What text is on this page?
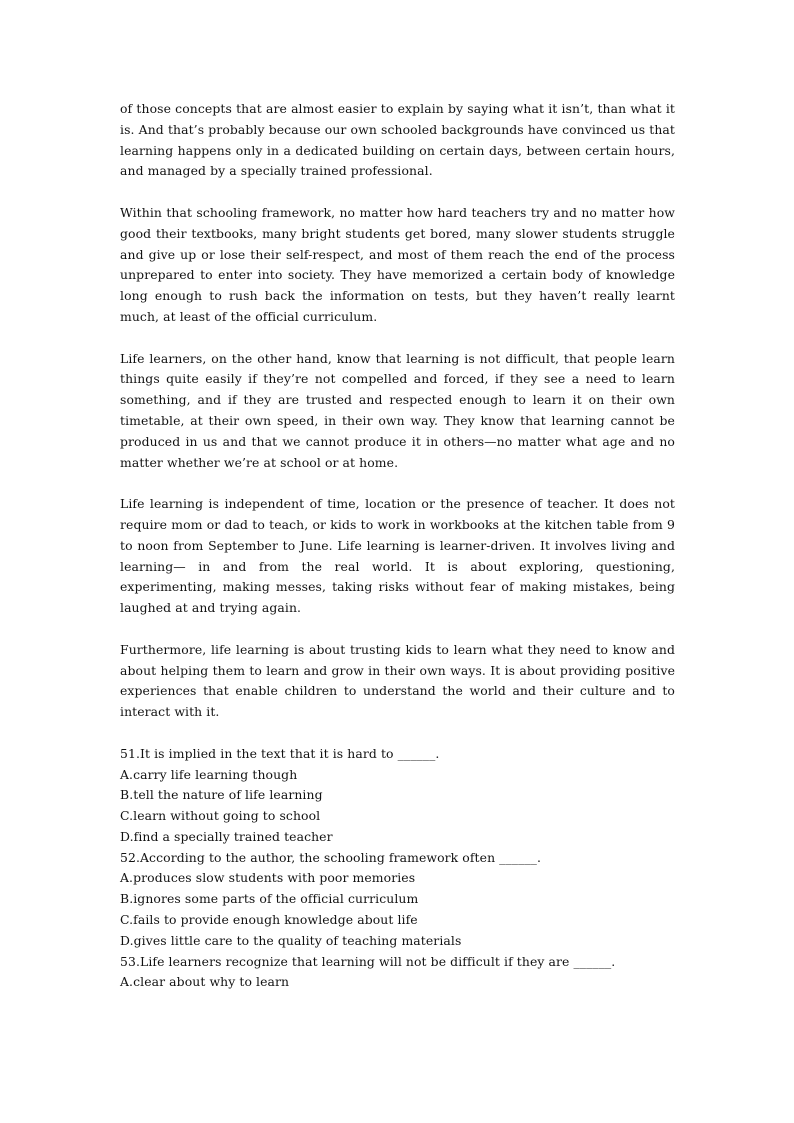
of those concepts that are almost easier to explain by saying what it isn’t, than what it is. And that’s probably because our own schooled backgrounds have convinced us that learning happens only in a dedicated building on certain days, between certain hours, and managed by a specially trained professional.

Within that schooling framework, no matter how hard teachers try and no matter how good their textbooks, many bright students get bored, many slower students struggle and give up or lose their self-respect, and most of them reach the end of the process unprepared to enter into society. They have memorized a certain body of knowledge long enough to rush back the information on tests, but they haven’t really learnt much, at least of the official curriculum.

Life learners, on the other hand, know that learning is not difficult, that people learn things quite easily if they’re not compelled and forced, if they see a need to learn something, and if they are trusted and respected enough to learn it on their own timetable, at their own speed, in their own way. They know that learning cannot be produced in us and that we cannot produce it in others—no matter what age and no matter whether we’re at school or at home.

Life learning is independent of time, location or the presence of teacher. It does not require mom or dad to teach, or kids to work in workbooks at the kitchen table from 9 to noon from September to June. Life learning is learner-driven. It involves living and learning— in and from the real world. It is about exploring, questioning, experimenting, making messes, taking risks without fear of making mistakes, being laughed at and trying again.

Furthermore, life learning is about trusting kids to learn what they need to know and about helping them to learn and grow in their own ways. It is about providing positive experiences that enable children to understand the world and their culture and to interact with it.

51.It is implied in the text that it is hard to ______.

A.carry life learning though

B.tell the nature of life learning

C.learn without going to school

D.find a specially trained teacher

52.According to the author, the schooling framework often ______.

A.produces slow students with poor memories

B.ignores some parts of the official curriculum

C.fails to provide enough knowledge about life

D.gives little care to the quality of teaching materials

53.Life learners recognize that learning will not be difficult if they are ______.

A.clear about why to learn
